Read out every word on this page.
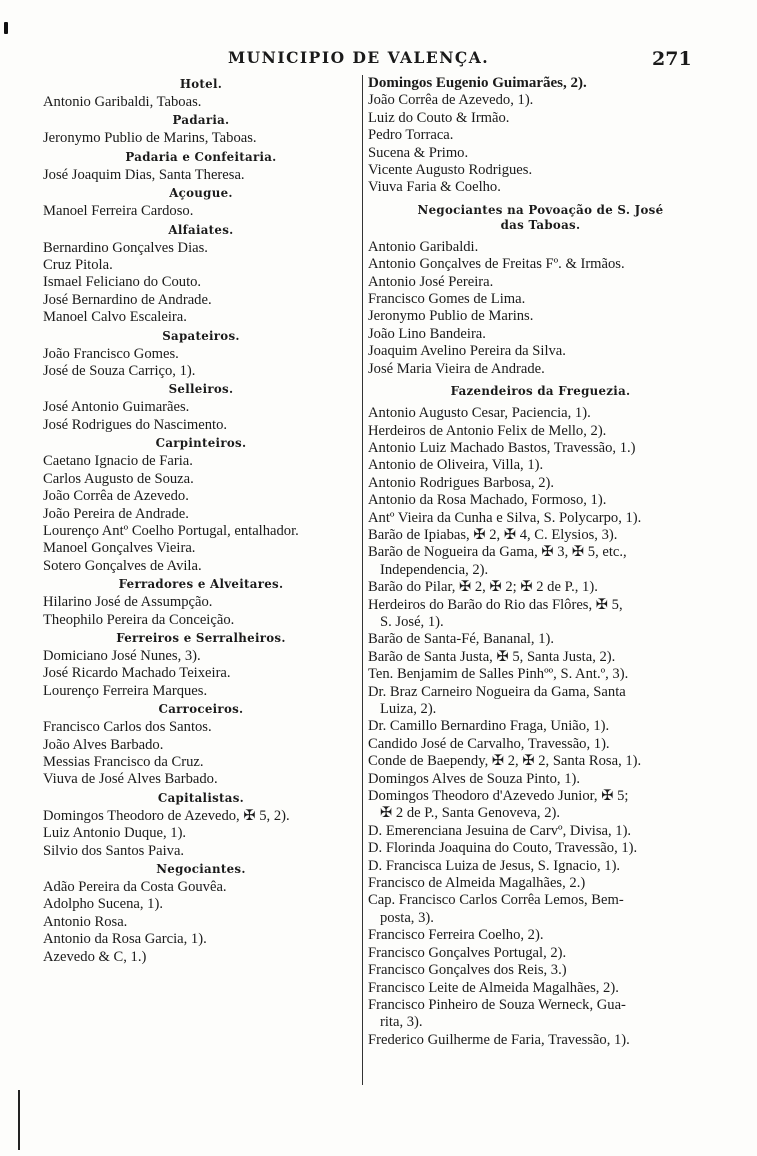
MUNICIPIO DE VALENÇA.	271
Hotel.
Antonio Garibaldi, Taboas.
Padaria.
Jeronymo Publio de Marins, Taboas.
Padaria e Confeitaria.
José Joaquim Dias, Santa Theresa.
Açougue.
Manoel Ferreira Cardoso.
Alfaiates.
Bernardino Gonçalves Dias.
Cruz Pitola.
Ismael Feliciano do Couto.
José Bernardino de Andrade.
Manoel Calvo Escaleira.
Sapateiros.
João Francisco Gomes.
José de Souza Carriço, 1).
Selleiros.
José Antonio Guimarães.
José Rodrigues do Nascimento.
Carpinteiros.
Caetano Ignacio de Faria.
Carlos Augusto de Souza.
João Corrêa de Azevedo.
João Pereira de Andrade.
Lourenço Antº Coelho Portugal, entalhador.
Manoel Gonçalves Vieira.
Sotero Gonçalves de Avila.
Ferradores e Alveitares.
Hilarino José de Assumpção.
Theophilo Pereira da Conceição.
Ferreiros e Serralheiros.
Domiciano José Nunes, 3).
José Ricardo Machado Teixeira.
Lourenço Ferreira Marques.
Carroceiros.
Francisco Carlos dos Santos.
João Alves Barbado.
Messias Francisco da Cruz.
Viuva de José Alves Barbado.
Capitalistas.
Domingos Theodoro de Azevedo, ✠ 5, 2).
Luiz Antonio Duque, 1).
Silvio dos Santos Paiva.
Negociantes.
Adão Pereira da Costa Gouvêa.
Adolpho Sucena, 1).
Antonio Rosa.
Antonio da Rosa Garcia, 1).
Azevedo & C, 1.)
Domingos Eugenio Guimarães, 2).
João Corrêa de Azevedo, 1).
Luiz do Couto & Irmão.
Pedro Torraca.
Sucena & Primo.
Vicente Augusto Rodrigues.
Viuva Faria & Coelho.
Negociantes na Povoação de S. José
das Taboas.
Antonio Garibaldi.
Antonio Gonçalves de Freitas Fº. & Irmãos.
Antonio José Pereira.
Francisco Gomes de Lima.
Jeronymo Publio de Marins.
João Lino Bandeira.
Joaquim Avelino Pereira da Silva.
José Maria Vieira de Andrade.
Fazendeiros da Freguezia.
Antonio Augusto Cesar, Paciencia, 1).
Herdeiros de Antonio Felix de Mello, 2).
Antonio Luiz Machado Bastos, Travessão, 1.)
Antonio de Oliveira, Villa, 1).
Antonio Rodrigues Barbosa, 2).
Antonio da Rosa Machado, Formoso, 1).
Antº Vieira da Cunha e Silva, S. Polycarpo, 1).
Barão de Ipiabas, ✠ 2, ✠ 4, C. Elysios, 3).
Barão de Nogueira da Gama, ✠ 3, ✠ 5, etc.,
Independencia, 2).
Barão do Pilar, ✠ 2, ✠ 2; ✠ 2 de P., 1).
Herdeiros do Barão do Rio das Flôres, ✠ 5,
S. José, 1).
Barão de Santa-Fé, Bananal, 1).
Barão de Santa Justa, ✠ 5, Santa Justa, 2).
Ten. Benjamim de Salles Pinhºº, S. Ant.º, 3).
Dr. Braz Carneiro Nogueira da Gama, Santa
Luiza, 2).
Dr. Camillo Bernardino Fraga, União, 1).
Candido José de Carvalho, Travessão, 1).
Conde de Baependy, ✠ 2, ✠ 2, Santa Rosa, 1).
Domingos Alves de Souza Pinto, 1).
Domingos Theodoro d'Azevedo Junior, ✠ 5;
✠ 2 de P., Santa Genoveva, 2).
D. Emerenciana Jesuina de Carvº, Divisa, 1).
D. Florinda Joaquina do Couto, Travessão, 1).
D. Francisca Luiza de Jesus, S. Ignacio, 1).
Francisco de Almeida Magalhães, 2.)
Cap. Francisco Carlos Corrêa Lemos, Bem-
posta, 3).
Francisco Ferreira Coelho, 2).
Francisco Gonçalves Portugal, 2).
Francisco Gonçalves dos Reis, 3.)
Francisco Leite de Almeida Magalhães, 2).
Francisco Pinheiro de Souza Werneck, Gua-
rita, 3).
Frederico Guilherme de Faria, Travessão, 1).
